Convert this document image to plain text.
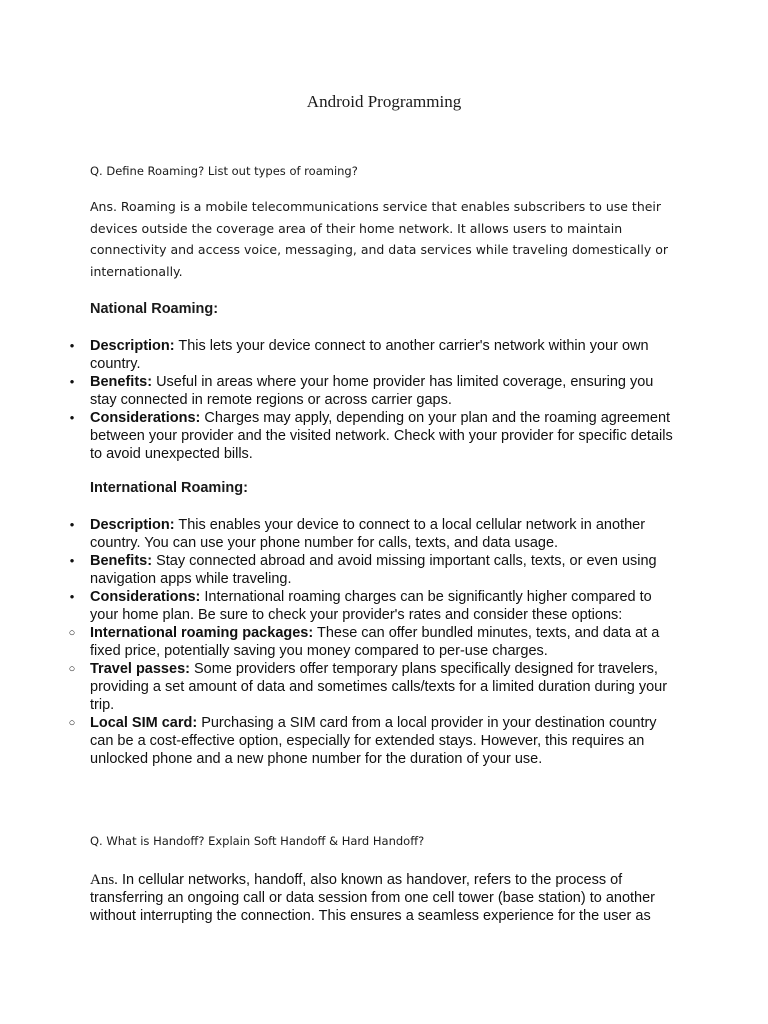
Android Programming
Q. Define Roaming? List out types of roaming?
Ans. Roaming is a mobile telecommunications service that enables subscribers to use their devices outside the coverage area of their home network. It allows users to maintain connectivity and access voice, messaging, and data services while traveling domestically or internationally.
National Roaming:
• Description: This lets your device connect to another carrier's network within your own country.
• Benefits: Useful in areas where your home provider has limited coverage, ensuring you stay connected in remote regions or across carrier gaps.
• Considerations: Charges may apply, depending on your plan and the roaming agreement between your provider and the visited network. Check with your provider for specific details to avoid unexpected bills.
International Roaming:
• Description: This enables your device to connect to a local cellular network in another country. You can use your phone number for calls, texts, and data usage.
• Benefits: Stay connected abroad and avoid missing important calls, texts, or even using navigation apps while traveling.
• Considerations: International roaming charges can be significantly higher compared to your home plan. Be sure to check your provider's rates and consider these options:
○ International roaming packages: These can offer bundled minutes, texts, and data at a fixed price, potentially saving you money compared to per-use charges.
○ Travel passes: Some providers offer temporary plans specifically designed for travelers, providing a set amount of data and sometimes calls/texts for a limited duration during your trip.
○ Local SIM card: Purchasing a SIM card from a local provider in your destination country can be a cost-effective option, especially for extended stays. However, this requires an unlocked phone and a new phone number for the duration of your use.
Q. What is Handoff? Explain Soft Handoff & Hard Handoff?
Ans. In cellular networks, handoff, also known as handover, refers to the process of transferring an ongoing call or data session from one cell tower (base station) to another without interrupting the connection. This ensures a seamless experience for the user as
